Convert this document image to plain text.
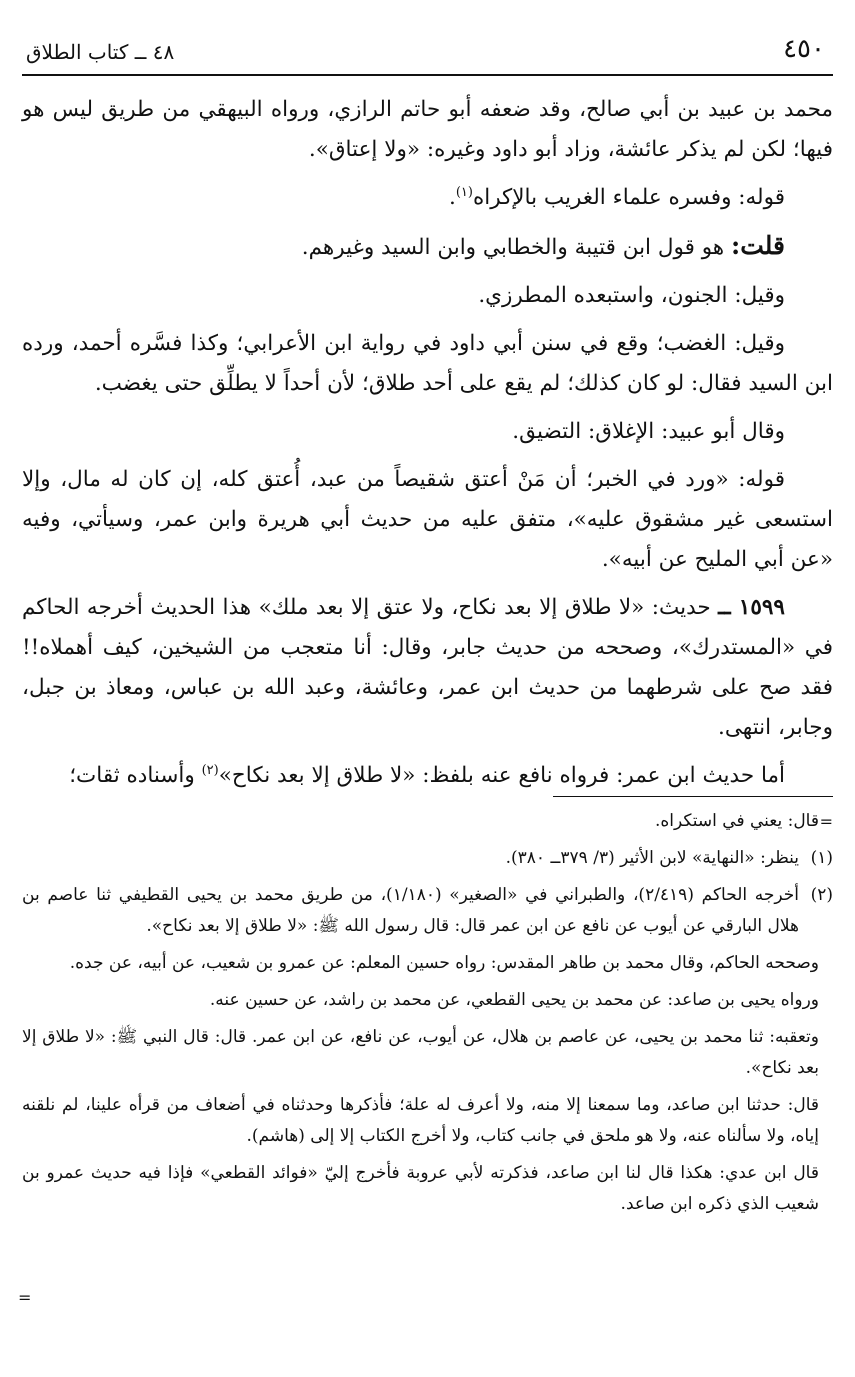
٤٥٠
٤٨ ــ كتاب الطلاق

محمد بن عبيد بن أبي صالح، وقد ضعفه أبو حاتم الرازي، ورواه البيهقي من طريق ليس هو فيها؛ لكن لم يذكر عائشة، وزاد أبو داود وغيره: «ولا إعتاق».

قوله: وفسره علماء الغريب بالإكراه$^{(١)}$.

قلت: هو قول ابن قتيبة والخطابي وابن السيد وغيرهم.

وقيل: الجنون، واستبعده المطرزي.

وقيل: الغضب؛ وقع في سنن أبي داود في رواية ابن الأعرابي؛ وكذا فسَّره أحمد، ورده ابن السيد فقال: لو كان كذلك؛ لم يقع على أحد طلاق؛ لأن أحداً لا يطلِّق حتى يغضب.

وقال أبو عبيد: الإغلاق: التضيق.

قوله: «ورد في الخبر؛ أن مَنْ أعتق شقيصاً من عبد، أُعتق كله، إن كان له مال، وإلا استسعى غير مشقوق عليه»، متفق عليه من حديث أبي هريرة وابن عمر، وسيأتي، وفيه «عن أبي المليح عن أبيه».

١٥٩٩ ــ حديث: «لا طلاق إلا بعد نكاح، ولا عتق إلا بعد ملك» هذا الحديث أخرجه الحاكم في «المستدرك»، وصححه من حديث جابر، وقال: أنا متعجب من الشيخين، كيف أهملاه!! فقد صح على شرطهما من حديث ابن عمر، وعائشة، وعبد الله بن عباس، ومعاذ بن جبل، وجابر، انتهى.

أما حديث ابن عمر: فرواه نافع عنه بلفظ: «لا طلاق إلا بعد نكاح»$^{(٢)}$ وأسناده ثقات؛

=

قال: يعني في استكراه.

(١)ينظر: «النهاية» لابن الأثير (٣/ ٣٧٩ــ ٣٨٠).

(٢)أخرجه الحاكم (٢/٤١٩)، والطبراني في «الصغير» (١/١٨٠)، من طريق محمد بن يحيى القطيفي ثنا عاصم بن هلال البارقي عن أيوب عن نافع عن ابن عمر قال: قال رسول الله ﷺ: «لا طلاق إلا بعد نكاح».

وصححه الحاكم، وقال محمد بن طاهر المقدس: رواه حسين المعلم: عن عمرو بن شعيب، عن أبيه، عن جده.

ورواه يحيى بن صاعد: عن محمد بن يحيى القطعي، عن محمد بن راشد، عن حسين عنه.

وتعقبه: ثنا محمد بن يحيى، عن عاصم بن هلال، عن أيوب، عن نافع، عن ابن عمر. قال: قال النبي ﷺ: «لا طلاق إلا بعد نكاح».

قال: حدثنا ابن صاعد، وما سمعنا إلا منه، ولا أعرف له علة؛ فأذكرها وحدثناه في أضعاف من قرأه علينا، لم نلقنه إياه، ولا سألناه عنه، ولا هو ملحق في جانب كتاب، ولا أخرج الكتاب إلا إلى (هاشم).

قال ابن عدي: هكذا قال لنا ابن صاعد، فذكرته لأبي عروبة فأخرج إليّ «فوائد القطعي» فإذا فيه حديث عمرو بن شعيب الذي ذكره ابن صاعد.

=
